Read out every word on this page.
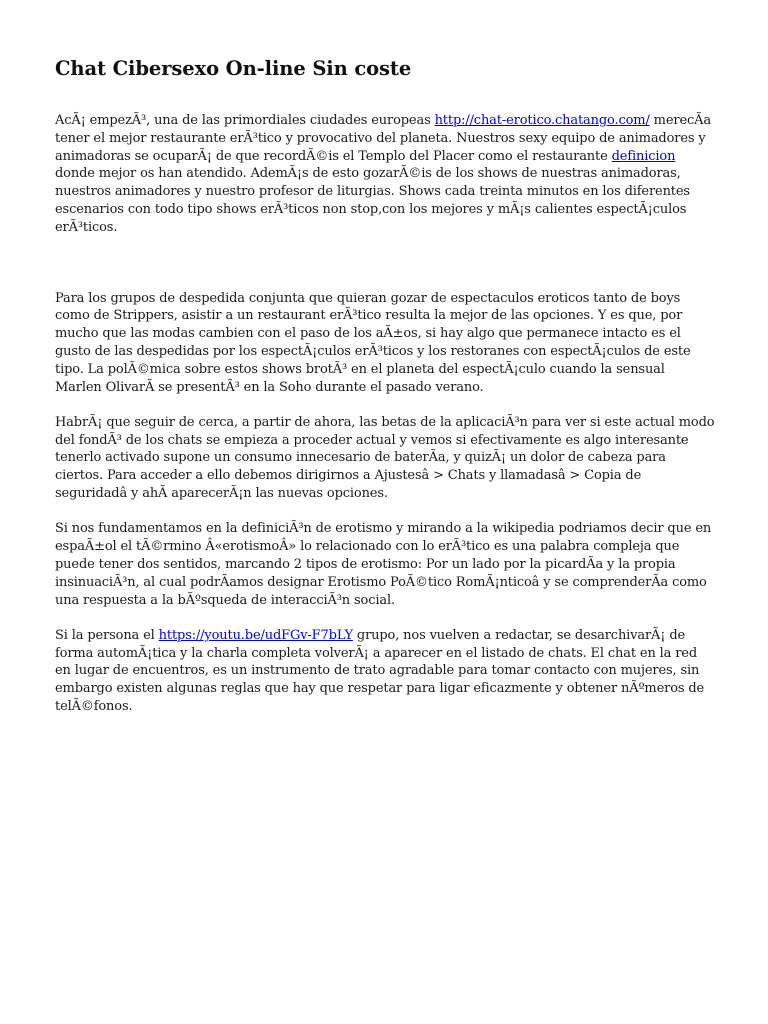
Chat Cibersexo On-line Sin coste

AcÃ¡ empezÃ³, una de las primordiales ciudades europeas http://chat-erotico.chatango.com/ merecÃa tener el mejor restaurante erÃ³tico y provocativo del planeta. Nuestros sexy equipo de animadores y animadoras se ocuparÃ¡ de que recordÃ©is el Templo del Placer como el restaurante definicion donde mejor os han atendido. AdemÃ¡s de esto gozarÃ©is de los shows de nuestras animadoras, nuestros animadores y nuestro profesor de liturgias. Shows cada treinta minutos en los diferentes escenarios con todo tipo shows erÃ³ticos non stop,con los mejores y mÃ¡s calientes espectÃ¡culos erÃ³ticos.

Para los grupos de despedida conjunta que quieran gozar de espectaculos eroticos tanto de boys como de Strippers, asistir a un restaurant erÃ³tico resulta la mejor de las opciones. Y es que, por mucho que las modas cambien con el paso de los aÃ±os, si hay algo que permanece intacto es el gusto de las despedidas por los espectÃ¡culos erÃ³ticos y los restoranes con espectÃ¡culos de este tipo. La polÃ©mica sobre estos shows brotÃ³ en el planeta del espectÃ¡culo cuando la sensual Marlen OlivarÃ se presentÃ³ en la Soho durante el pasado verano.

HabrÃ¡ que seguir de cerca, a partir de ahora, las betas de la aplicaciÃ³n para ver si este actual modo del fondÃ³ de los chats se empieza a proceder actual y vemos si efectivamente es algo interesante tenerlo activado supone un consumo innecesario de baterÃa, y quizÃ¡ un dolor de cabeza para ciertos. Para acceder a ello debemos dirigirnos a Ajustesâ > Chats y llamadasâ > Copia de seguridadâ y ahÃ aparecerÃ¡n las nuevas opciones.

Si nos fundamentamos en la definiciÃ³n de erotismo y mirando a la wikipedia podriamos decir que en espaÃ±ol el tÃ©rmino Â«erotismoÂ» lo relacionado con lo erÃ³tico es una palabra compleja que puede tener dos sentidos, marcando 2 tipos de erotismo: Por un lado por la picardÃa y la propia insinuaciÃ³n, al cual podrÃamos designar Erotismo PoÃ©tico RomÃ¡nticoâ y se comprenderÃa como una respuesta a la bÃºsqueda de interacciÃ³n social.

Si la persona el https://youtu.be/udFGv-F7bLY grupo, nos vuelven a redactar, se desarchivarÃ¡ de forma automÃ¡tica y la charla completa volverÃ¡ a aparecer en el listado de chats. El chat en la red en lugar de encuentros, es un instrumento de trato agradable para tomar contacto con mujeres, sin embargo existen algunas reglas que hay que respetar para ligar eficazmente y obtener nÃºmeros de telÃ©fonos.
